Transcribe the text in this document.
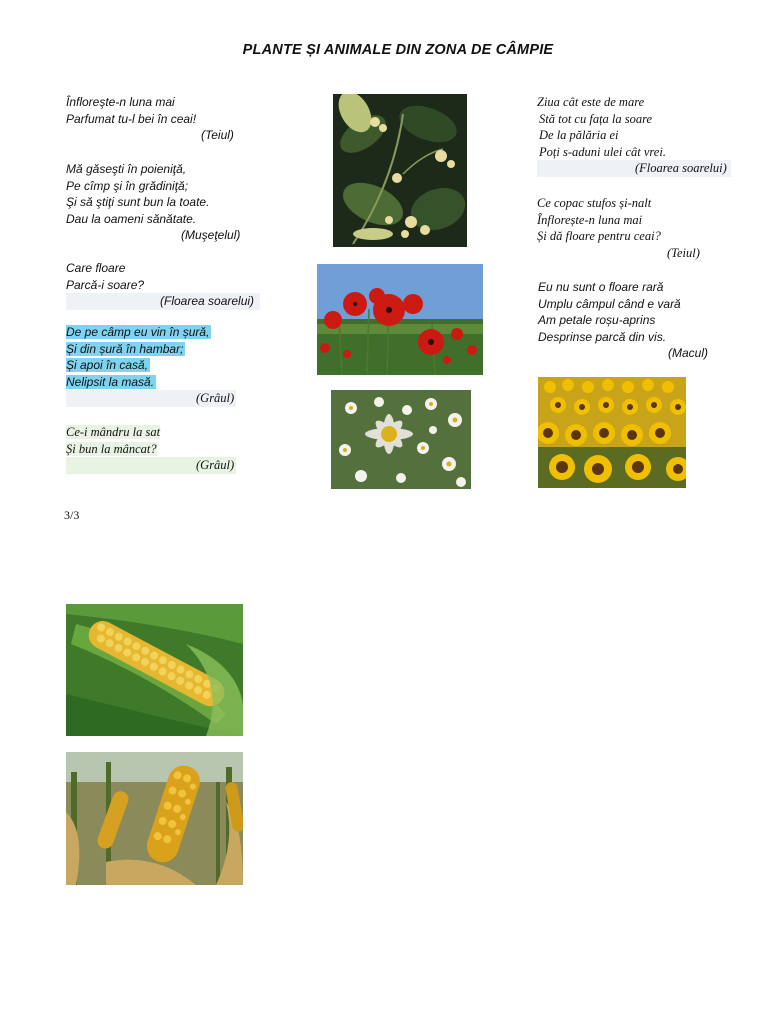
PLANTE ȘI ANIMALE DIN ZONA DE CÂMPIE
Înfloreşte-n luna mai
Parfumat tu-l bei în ceai!
(Teiul)
Mă găseşti în poieniţă,
Pe cîmp şi în grădiniţă;
Şi să ştiţi sunt bun la toate.
Dau la oameni sănătate.
(Muşeţelul)
Care floare
Parcă-i soare?
(Floarea soarelui)
De pe câmp eu vin în șură,
Și din șură în hambar;
Și apoi în casă,
Nelipsit la masă.
(Grâul)
Ce-i mândru la sat
Și bun la mâncat?
(Grâul)
3/3
Ziua cât este de mare
Stă tot cu fața la soare
De la pălăria ei
Poți s-aduni ulei cât vrei.
(Floarea soarelui)
Ce copac stufos și-nalt
Înflorește-n luna mai
Și dă floare pentru ceai?
(Teiul)
Eu nu sunt o floare rară
Umplu câmpul când e vară
Am petale roșu-aprins
Desprinse parcă din vis.
(Macul)
